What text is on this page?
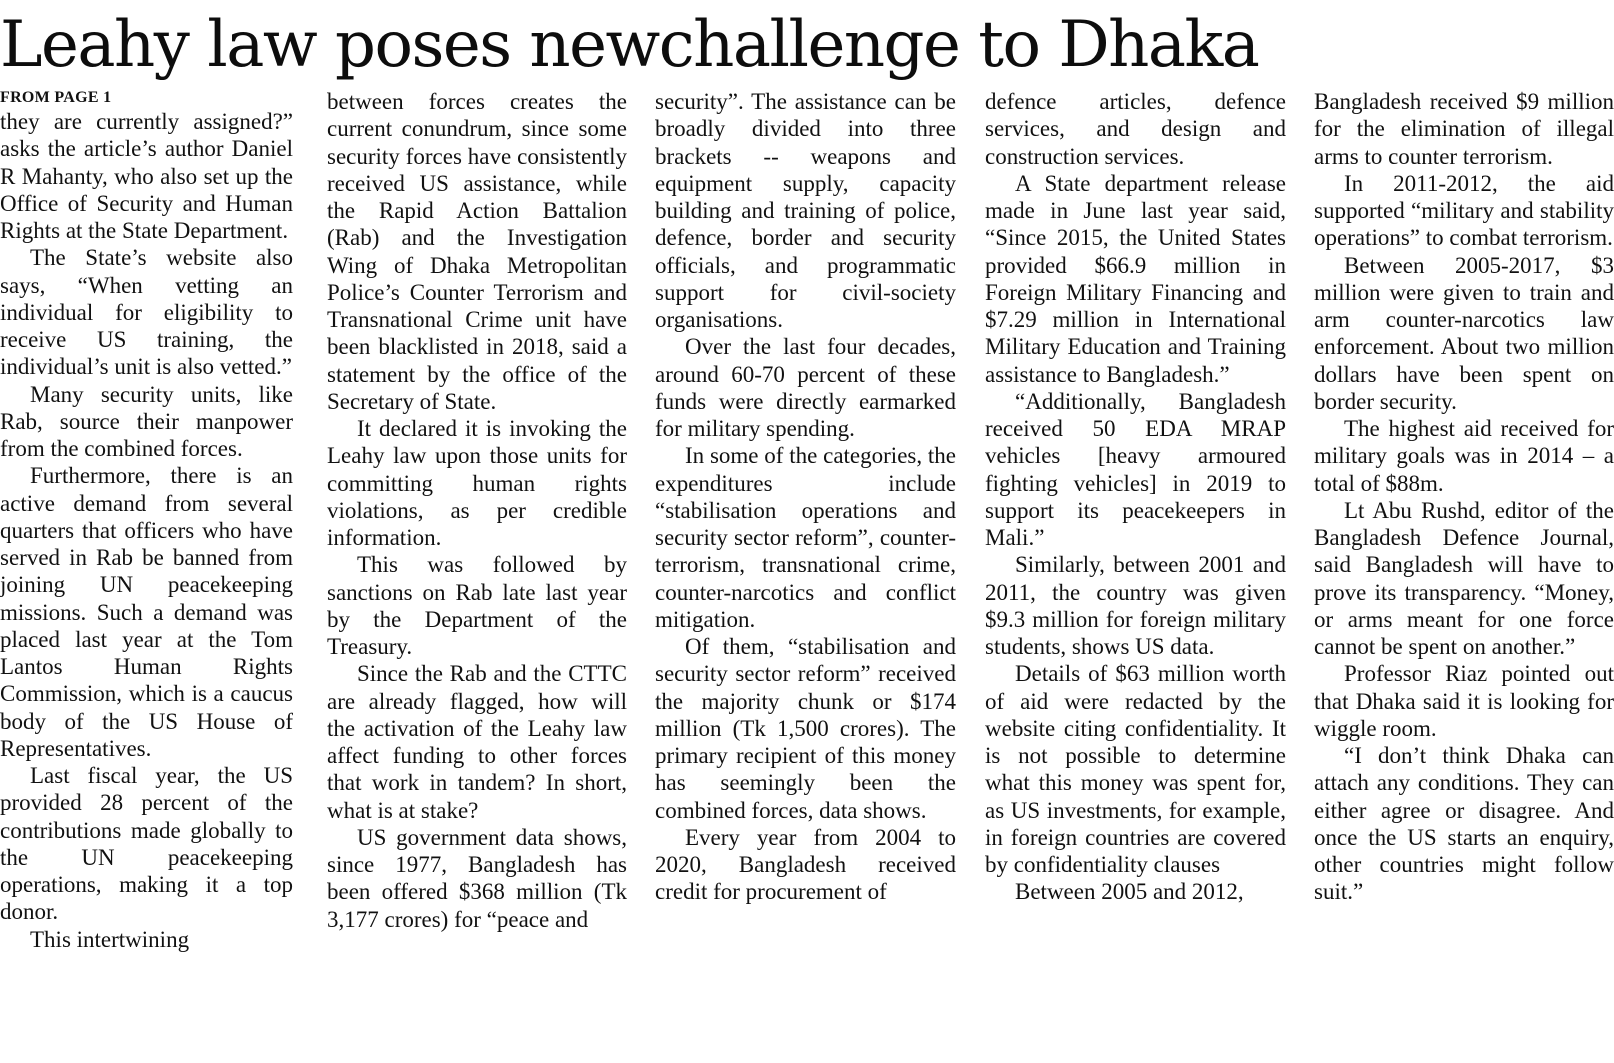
Leahy law poses newchallenge to Dhaka
FROM PAGE 1

they are currently assigned?” asks the article’s author Daniel R Mahanty, who also set up the Office of Security and Human Rights at the State Department.

The State’s website also says, “When vetting an individual for eligibility to receive US training, the individual’s unit is also vetted.”

Many security units, like Rab, source their manpower from the combined forces.

Furthermore, there is an active demand from several quarters that officers who have served in Rab be banned from joining UN peacekeeping missions. Such a demand was placed last year at the Tom Lantos Human Rights Commission, which is a caucus body of the US House of Representatives.

Last fiscal year, the US provided 28 percent of the contributions made globally to the UN peacekeeping operations, making it a top donor.

This intertwining

between forces creates the current conundrum, since some security forces have consistently received US assistance, while the Rapid Action Battalion (Rab) and the Investigation Wing of Dhaka Metropolitan Police’s Counter Terrorism and Transnational Crime unit have been blacklisted in 2018, said a statement by the office of the Secretary of State.

It declared it is invoking the Leahy law upon those units for committing human rights violations, as per credible information.

This was followed by sanctions on Rab late last year by the Department of the Treasury.

Since the Rab and the CTTC are already flagged, how will the activation of the Leahy law affect funding to other forces that work in tandem? In short, what is at stake?

US government data shows, since 1977, Bangladesh has been offered $368 million (Tk 3,177 crores) for “peace and

security”. The assistance can be broadly divided into three brackets -- weapons and equipment supply, capacity building and training of police, defence, border and security officials, and programmatic support for civil-society organisations.

Over the last four decades, around 60-70 percent of these funds were directly earmarked for military spending.

In some of the categories, the expenditures include “stabilisation operations and security sector reform”, counter-terrorism, transnational crime, counter-narcotics and conflict mitigation.

Of them, “stabilisation and security sector reform” received the majority chunk or $174 million (Tk 1,500 crores). The primary recipient of this money has seemingly been the combined forces, data shows.

Every year from 2004 to 2020, Bangladesh received credit for procurement of

defence articles, defence services, and design and construction services.

A State department release made in June last year said, “Since 2015, the United States provided $66.9 million in Foreign Military Financing and $7.29 million in International Military Education and Training assistance to Bangladesh.”

“Additionally, Bangladesh received 50 EDA MRAP vehicles [heavy armoured fighting vehicles] in 2019 to support its peacekeepers in Mali.”

Similarly, between 2001 and 2011, the country was given $9.3 million for foreign military students, shows US data.

Details of $63 million worth of aid were redacted by the website citing confidentiality. It is not possible to determine what this money was spent for, as US investments, for example, in foreign countries are covered by confidentiality clauses

Between 2005 and 2012,

Bangladesh received $9 million for the elimination of illegal arms to counter terrorism.

In 2011-2012, the aid supported “military and stability operations” to combat terrorism.

Between 2005-2017, $3 million were given to train and arm counter-narcotics law enforcement. About two million dollars have been spent on border security.

The highest aid received for military goals was in 2014 – a total of $88m.

Lt Abu Rushd, editor of the Bangladesh Defence Journal, said Bangladesh will have to prove its transparency. “Money, or arms meant for one force cannot be spent on another.”

Professor Riaz pointed out that Dhaka said it is looking for wiggle room.

“I don’t think Dhaka can attach any conditions. They can either agree or disagree. And once the US starts an enquiry, other countries might follow suit.”
